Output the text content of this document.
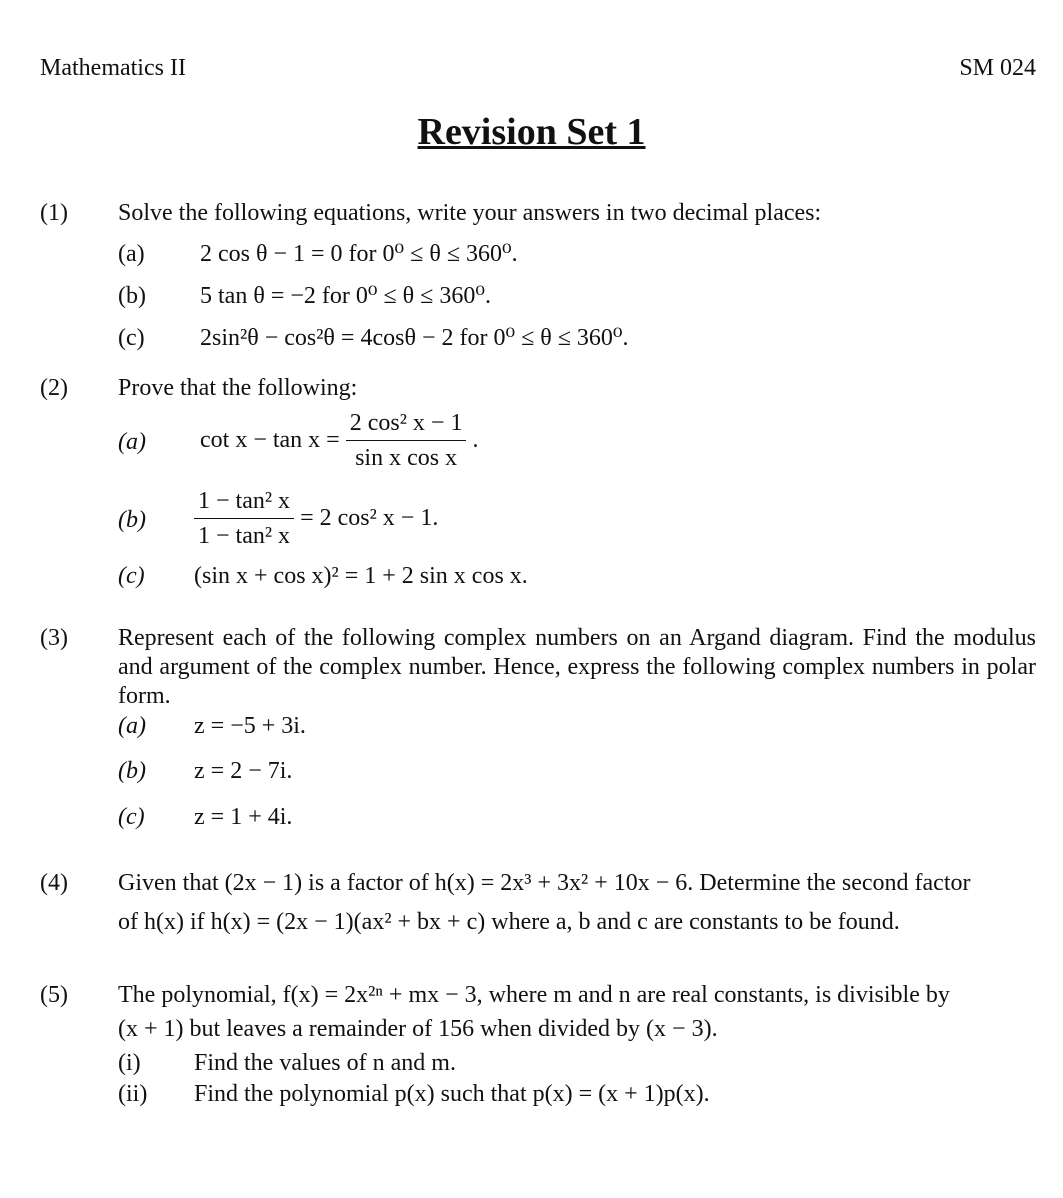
Mathematics II	SM 024
Revision Set 1
(1) Solve the following equations, write your answers in two decimal places:
(a) 2 cos θ − 1 = 0 for 0⁰ ≤ θ ≤ 360⁰.
(b) 5 tan θ = −2 for 0⁰ ≤ θ ≤ 360⁰.
(c) 2sin²θ − cos²θ = 4cosθ − 2 for 0⁰ ≤ θ ≤ 360⁰.
(2) Prove that the following:
(a) $\cot x - \tan x = \frac{\text{2 cos² x − 1}}{\text{sin x cos x}}$ .
$(b) \frac{\text{1 − tan² x}}{\text{1 − tan² x}} = 2$ cos² x − 1.
(c) (sin x + cos x)² = 1 + 2 sin x cos x.
(3) Represent each of the following complex numbers on an Argand diagram. Find the modulus and argument of the complex number. Hence, express the following complex numbers in polar form.
(a) z = −5 + 3i.
(b) z = 2 − 7i.
(c) z = 1 + 4i.
(4) Given that (2x − 1) is a factor of h(x) = 2x³ + 3x² + 10x − 6. Determine the second factor
of h(x) if h(x) = (2x − 1)(ax² + bx + c) where a, b and c are constants to be found.
(5) The polynomial, f(x) = 2x²ⁿ + mx − 3, where m and n are real constants, is divisible by
(x + 1) but leaves a remainder of 156 when divided by (x − 3).
(i) Find the values of n and m.
(ii) Find the polynomial p(x) such that p(x) = (x + 1)p(x).
